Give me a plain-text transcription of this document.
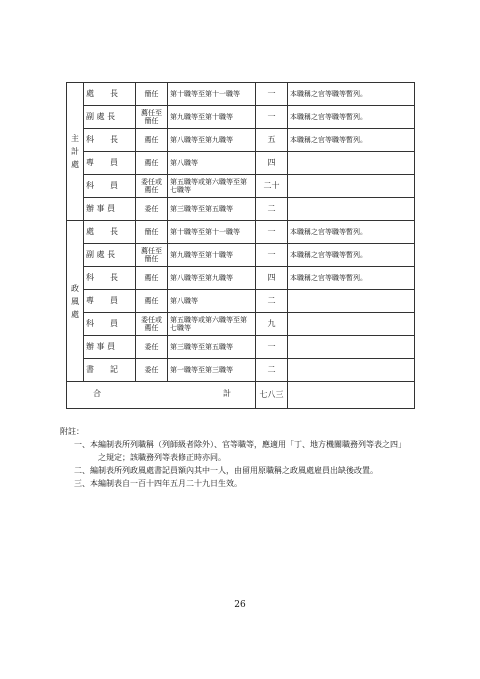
主計處	處　　長	簡任	第十職等至第十一職等	一	本職稱之官等職等暫列。
	副 處 長	薦任至簡任	第九職等至第十職等	一	本職稱之官等職等暫列。
	科　　長	薦任	第八職等至第九職等	五	本職稱之官等職等暫列。
	專　　員	薦任	第八職等	四	
	科　　員	委任或薦任	第五職等或第六職等至第七職等	二十	
	辦 事 員	委任	第三職等至第五職等	二	
政風處	處　　長	簡任	第十職等至第十一職等	一	本職稱之官等職等暫列。
	副 處 長	薦任至簡任	第九職等至第十職等	一	本職稱之官等職等暫列。
	科　　長	薦任	第八職等至第九職等	四	本職稱之官等職等暫列。
	專　　員	薦任	第八職等	二	
	科　　員	委任或薦任	第五職等或第六職等至第七職等	九	
	辦 事 員	委任	第三職等至第五職等	一	
	書　　記	委任	第一職等至第三職等	二	

合 計				七八三	
附註：
一、本編制表所列職稱（列師級者除外）、官等職等，應適用「丁、地方機關職務列等表之四」
之規定；該職務列等表修正時亦同。
二、編制表所列政風處書記員額內其中一人，由留用原職稱之政風處雇員出缺後改置。
三、本編制表自一百十四年五月二十九日生效。
26
